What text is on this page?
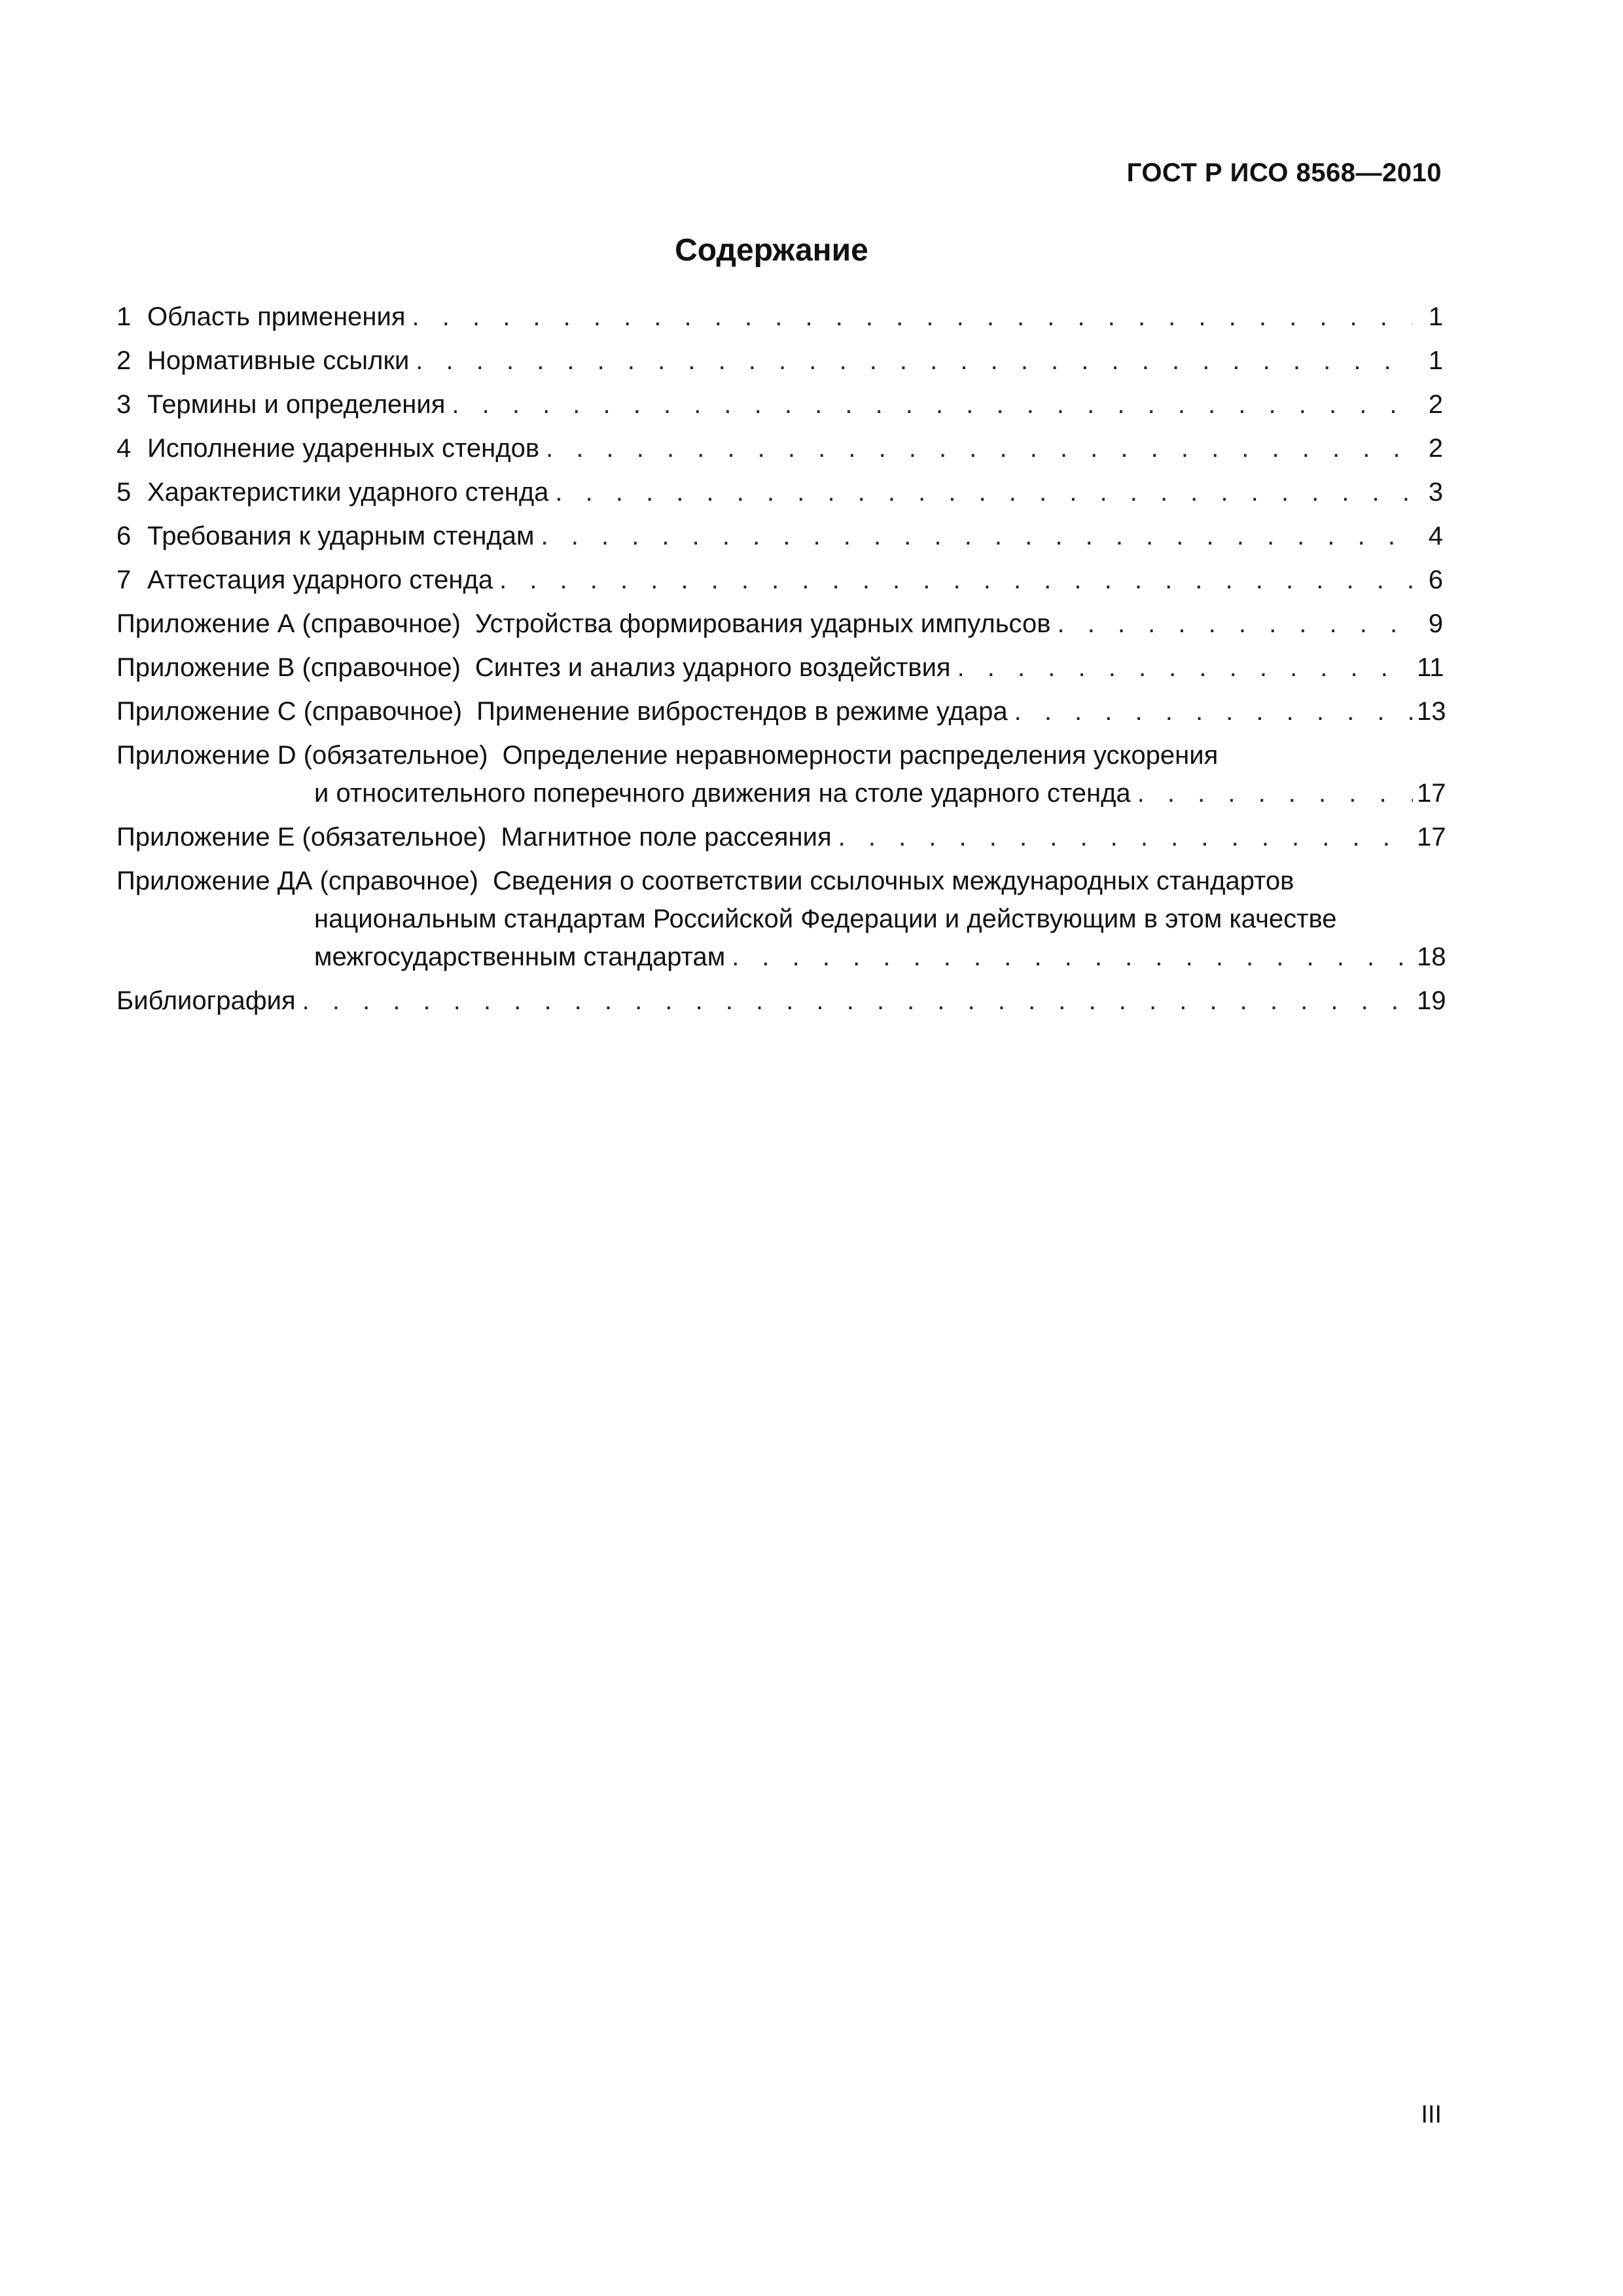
ГОСТ Р ИСО 8568—2010
Содержание
1 Область применения . . .	1
2 Нормативные ссылки . . .	1
3 Термины и определения . . .	2
4 Исполнение ударенных стендов . . .	2
5 Характеристики ударного стенда . . .	3
6 Требования к ударным стендам . . .	4
7 Аттестация ударного стенда . . .	6
Приложение А (справочное) Устройства формирования ударных импульсов . . .	9
Приложение В (справочное) Синтез и анализ ударного воздействия . . .	11
Приложение С (справочное) Применение вибростендов в режиме удара . . .	13
Приложение D (обязательное) Определение неравномерности распределения ускорения
и относительного поперечного движения на столе ударного стенда . . .	17
Приложение Е (обязательное) Магнитное поле рассеяния . . .	17
Приложение ДА (справочное) Сведения о соответствии ссылочных международных стандартов
национальным стандартам Российской Федерации и действующим в этом качестве
межгосударственным стандартам . . .	18
Библиография . . .	19
III
